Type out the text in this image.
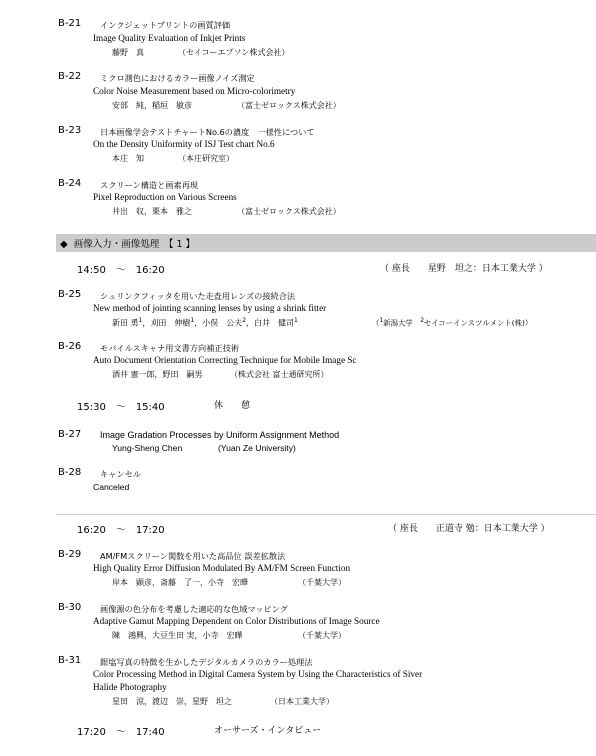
B-21 インクジェットプリントの画質評価
Image Quality Evaluation of Inkjet Prints
藤野　真	（セイコーエプソン株式会社）
B-22 ミクロ測色におけるカラー画像ノイズ測定
Color Noise Measurement based on Micro-colorimetry
安部　純，稲垣　敏彦	（富士ゼロックス株式会社）
B-23 日本画像学会テストチャートNo.6の濃度　一様性について
On the Density Uniformity of ISJ Test chart No.6
本庄　知	（本庄研究室）
B-24 スクリーン構造と画素再現
Pixel Reproduction on Various Screens
井出　収，栗本　雅之	（富士ゼロックス株式会社）
◆ 画像入力・画像処理　【 1 】
14:50　～　16:20	（ 座長　　星野　坦之：日本工業大学 ）
B-25 シュリンクフィッタを用いた走査用レンズの接続合法
New method of jointing scanning lenses by using a shrink fitter
新田 勇$^1$，刈田　伸樹$^1$，小俣　公夫$^2$，白井　健司$^1$	（$^1$新潟大学　$^2$セイコーインスツルメント(株)）
B-26 モバイルスキャナ用文書方向補正技術
Auto Document Orientation Correcting Technique for Mobile Image Sc
酒井 憲一郎，野田　嗣男	（株式会社 富士通研究所）
15:30　～　15:40	休　　憩
B-27 Image Gradation Processes by Uniform Assignment Method
Yung-Sheng Chen	(Yuan Ze University)
B-28 キャンセル
Canceled
16:20　～　17:20	（ 座長　　正道寺 勉：日本工業大学 ）
B-29 AM/FMスクリーン関数を用いた高品位 誤差拡散法
High Quality Error Diffusion Modulated By AM/FM Screen Function
岸本　顕彦，斎藤　了一，小寺　宏曄	（千葉大学）
B-30 画像源の色分布を考慮した適応的な色域マッピング
Adaptive Gamut Mapping Dependent on Color Distributions of Image Source
陳　鴻興，大豆生田 実，小寺　宏曄	（千葉大学）
B-31 銀塩写真の特徴を生かしたデジタルカメラのカラー処理法
Color Processing Method in Digital Camera System by Using the Characteristics of Siver
Halide Photography
星田　涼，渡辺　崇，星野　坦之	（日本工業大学）
17:20　～　17:40	オーサーズ・インタビュー
